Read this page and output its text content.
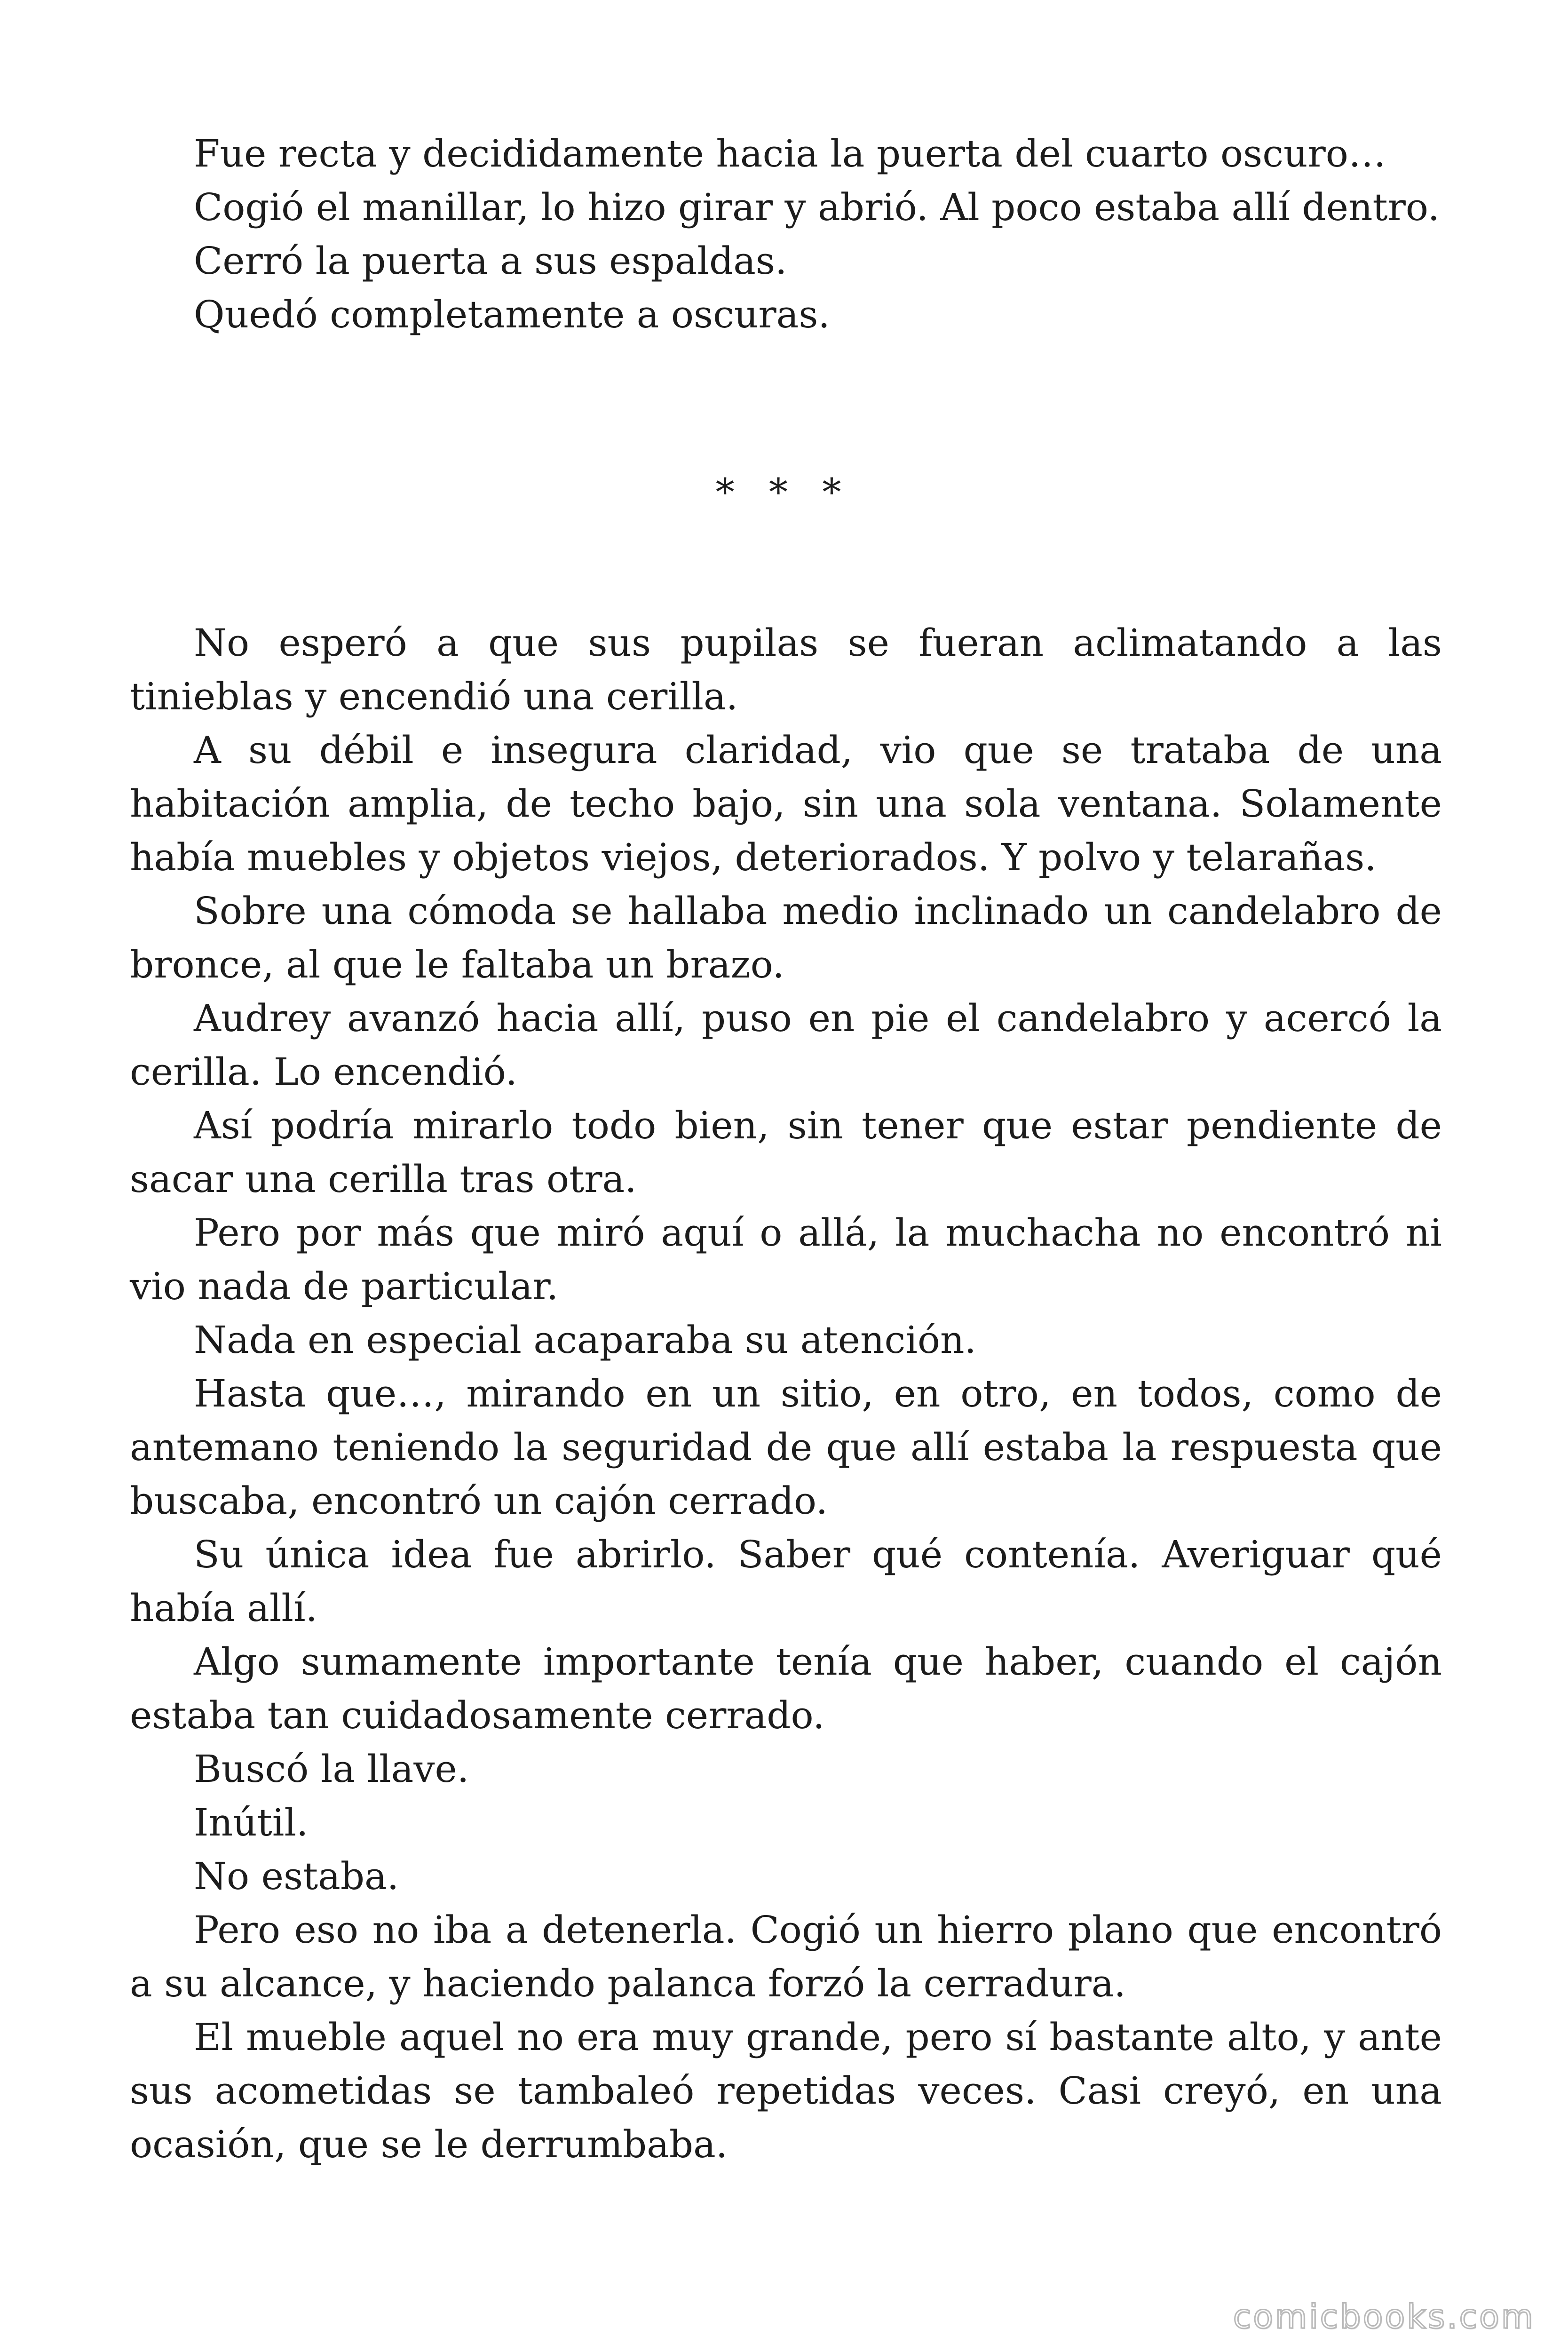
Fue recta y decididamente hacia la puerta del cuarto oscuro…

Cogió el manillar, lo hizo girar y abrió. Al poco estaba allí dentro.

Cerró la puerta a sus espaldas.

Quedó completamente a oscuras.

* * *

No esperó a que sus pupilas se fueran aclimatando a las tinieblas y encendió una cerilla.

A su débil e insegura claridad, vio que se trataba de una habitación amplia, de techo bajo, sin una sola ventana. Solamente había muebles y objetos viejos, deteriorados. Y polvo y telarañas.

Sobre una cómoda se hallaba medio inclinado un candelabro de bronce, al que le faltaba un brazo.

Audrey avanzó hacia allí, puso en pie el candelabro y acercó la cerilla. Lo encendió.

Así podría mirarlo todo bien, sin tener que estar pendiente de sacar una cerilla tras otra.

Pero por más que miró aquí o allá, la muchacha no encontró ni vio nada de particular.

Nada en especial acaparaba su atención.

Hasta que…, mirando en un sitio, en otro, en todos, como de antemano teniendo la seguridad de que allí estaba la respuesta que buscaba, encontró un cajón cerrado.

Su única idea fue abrirlo. Saber qué contenía. Averiguar qué había allí.

Algo sumamente importante tenía que haber, cuando el cajón estaba tan cuidadosamente cerrado.

Buscó la llave.

Inútil.

No estaba.

Pero eso no iba a detenerla. Cogió un hierro plano que encontró a su alcance, y haciendo palanca forzó la cerradura.

El mueble aquel no era muy grande, pero sí bastante alto, y ante sus acometidas se tambaleó repetidas veces. Casi creyó, en una ocasión, que se le derrumbaba.

comicbooks.com
